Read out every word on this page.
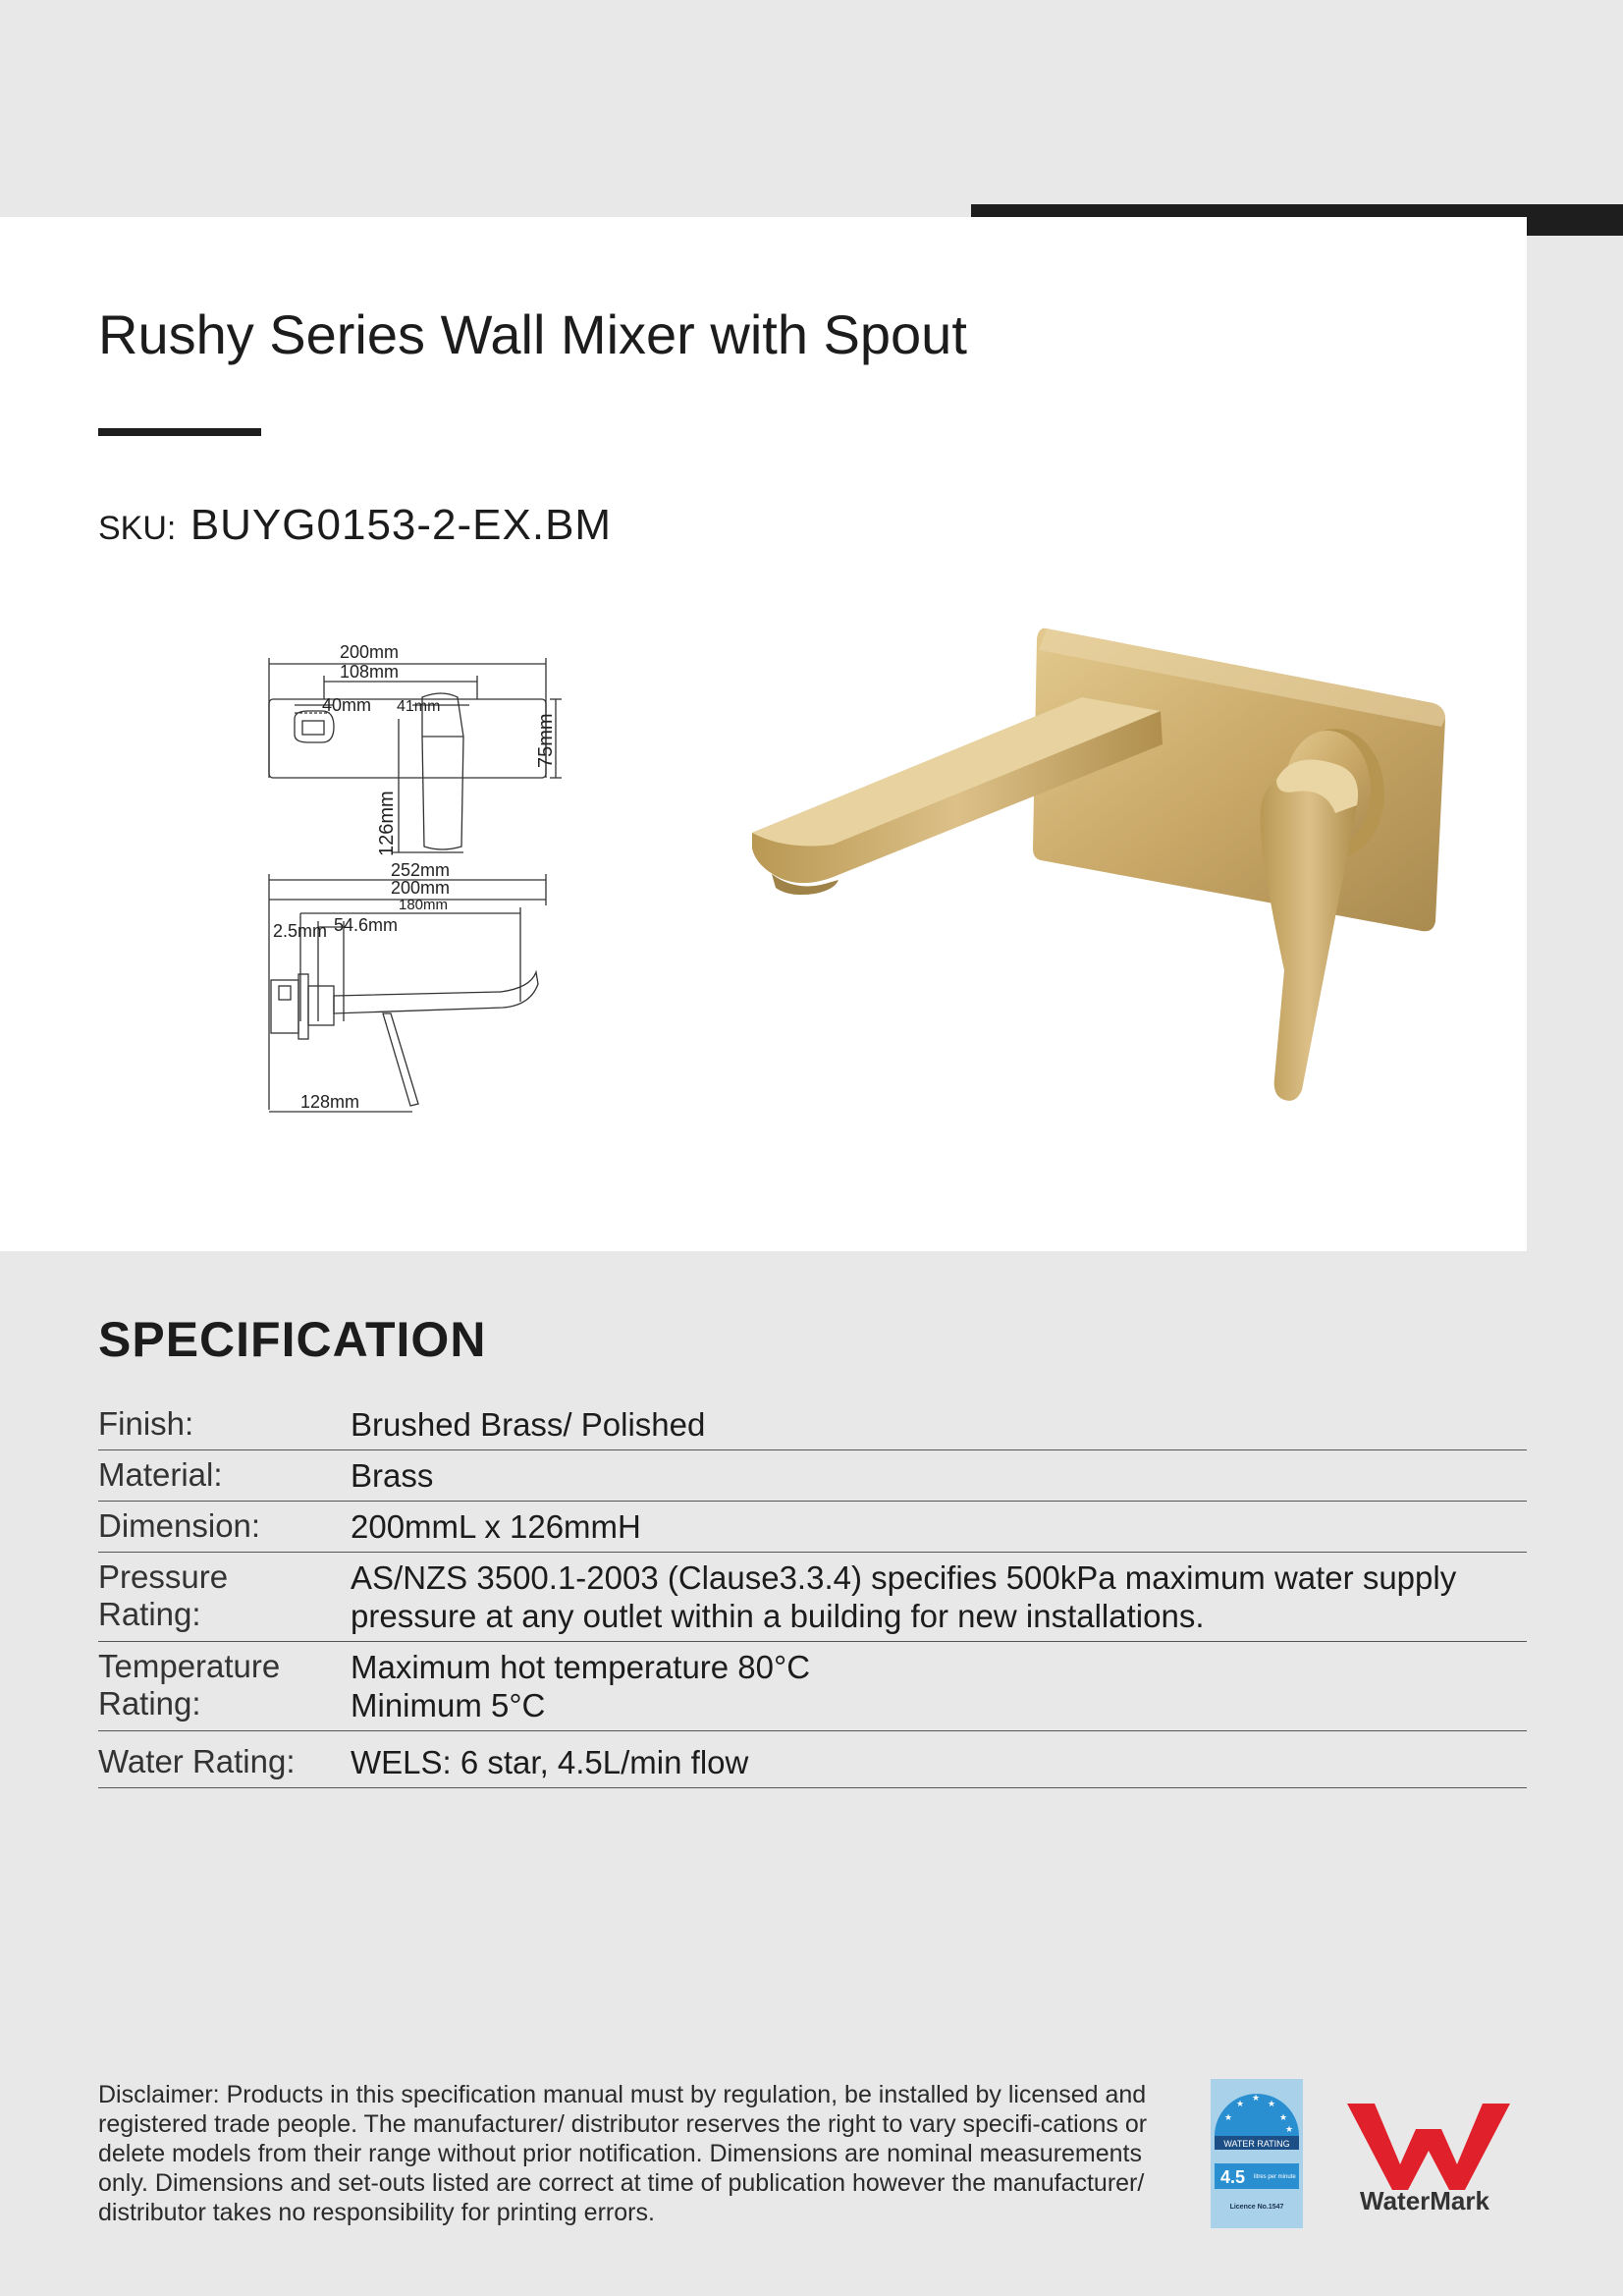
Rushy Series Wall Mixer with Spout
SKU: BUYG0153-2-EX.BM
200mm
108mm
40mm 41mm
75mm
126mm
252mm
200mm
180mm
2.5mm 54.6mm
128mm
SPECIFICATION
Finish:	Brushed Brass/ Polished
Material:	Brass
Dimension:	200mmL x 126mmH
Pressure Rating:
AS/NZS 3500.1-2003 (Clause3.3.4) specifies 500kPa maximum water supply pressure at any outlet within a building for new installations.
Temperature Rating:
Maximum hot temperature 80°C
Minimum 5°C
Water Rating:	WELS: 6 star, 4.5L/min flow
Disclaimer: Products in this specification manual must by regulation, be installed by licensed and registered trade people. The manufacturer/ distributor reserves the right to vary specifi-cations or delete models from their range without prior notification. Dimensions are nominal measurements only. Dimensions and set-outs listed are correct at time of publication however the manufacturer/ distributor takes no responsibility for printing errors.
★
★
★
★
★
★
WATER RATING
4.5 litres per minute
Licence No.1547	WaterMark
